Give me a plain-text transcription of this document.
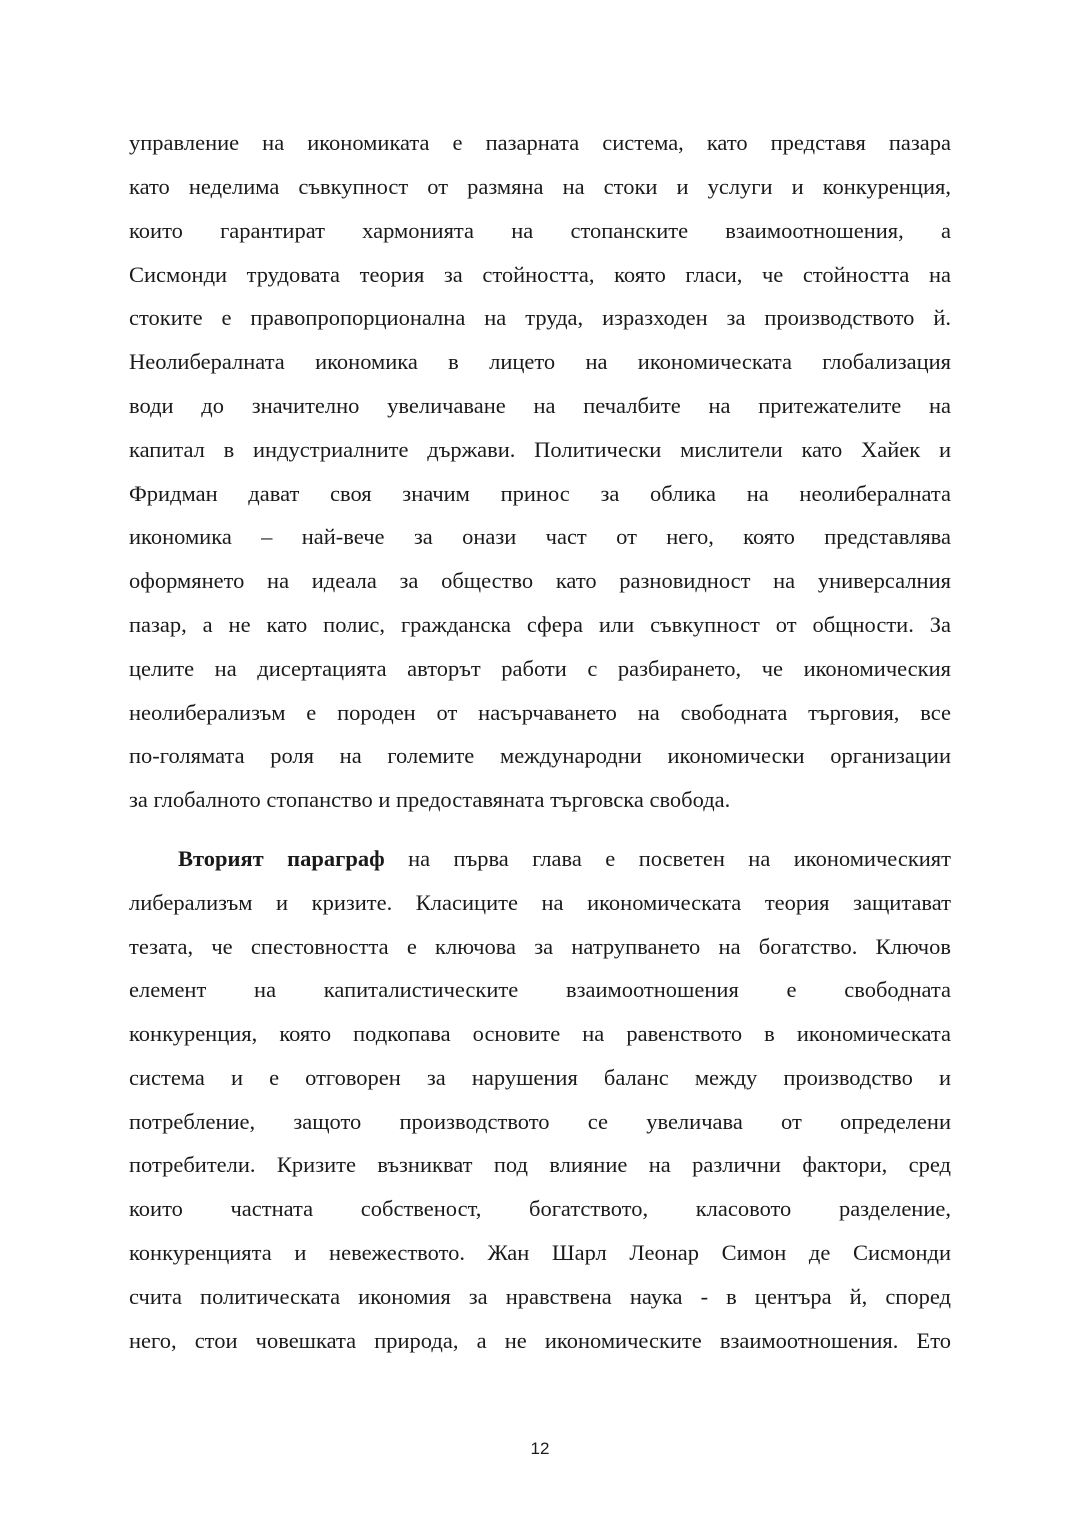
управление на икономиката е пазарната система, като представя пазара
като неделима съвкупност от размяна на стоки и услуги и конкуренция,
които гарантират хармонията на стопанските взаимоотношения, а
Сисмонди трудовата теория за стойността, която гласи, че стойността на
стоките е правопропорционална на труда, изразходен за производството й.
Неолибералната икономика в лицето на икономическата глобализация
води до значително увеличаване на печалбите на притежателите на
капитал в индустриалните държави. Политически мислители като Хайек и
Фридман дават своя значим принос за облика на неолибералната
икономика – най-вече за онази част от него, която представлява
оформянето на идеала за общество като разновидност на универсалния
пазар, а не като полис, гражданска сфера или съвкупност от общности. За
целите на дисертацията авторът работи с разбирането, че икономическия
неолиберализъм е породен от насърчаването на свободната търговия, все
по-голямата роля на големите международни икономически организации
за глобалното стопанство и предоставяната търговска свобода.
Вторият параграф на първа глава е посветен на икономическият
либерализъм и кризите. Класиците на икономическата теория защитават
тезата, че спестовността е ключова за натрупването на богатство. Ключов
елемент на капиталистическите взаимоотношения е свободната
конкуренция, която подкопава основите на равенството в икономическата
система и е отговорен за нарушения баланс между производство и
потребление, защото производството се увеличава от определени
потребители. Кризите възникват под влияние на различни фактори, сред
които частната собственост, богатството, класовото разделение,
конкуренцията и невежеството. Жан Шарл Леонар Симон де Сисмонди
счита политическата икономия за нравствена наука - в центъра й, според
него, стои човешката природа, а не икономическите взаимоотношения. Ето
12
